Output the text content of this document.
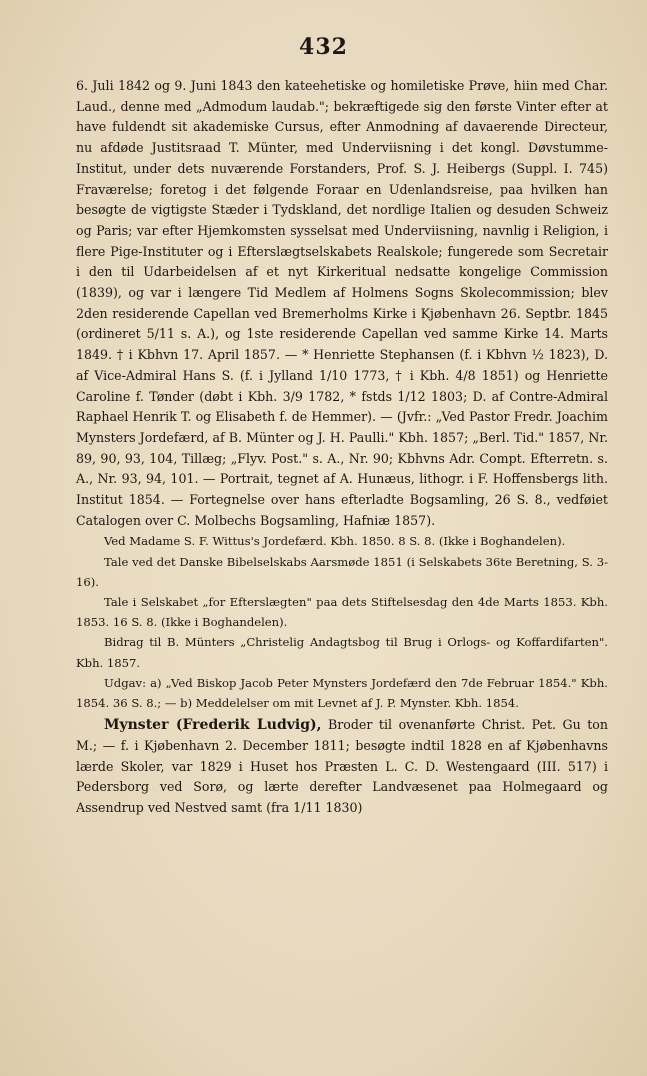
432

6. Juli 1842 og 9. Juni 1843 den kateehetiske og homiletiske Prøve, hiin med Char. Laud., denne med „Admodum laudab."; bekræftigede sig den første Vinter efter at have fuldendt sit akademiske Cursus, efter Anmodning af davaerende Directeur, nu afdøde Justitsraad T. Münter, med Underviisning i det kongl. Døvstumme-Institut, under dets nuværende Forstanders, Prof. S. J. Heibergs (Suppl. I. 745) Fraværelse; foretog i det følgende Foraar en Udenlandsreise, paa hvilken han besøgte de vigtigste Stæder i Tydskland, det nordlige Italien og desuden Schweiz og Paris; var efter Hjemkomsten sysselsat med Underviisning, navnlig i Religion, i flere Pige-Instituter og i Efterslægtselskabets Realskole; fungerede som Secretair i den til Udarbeidelsen af et nyt Kirkeritual nedsatte kongelige Commission (1839), og var i længere Tid Medlem af Holmens Sogns Skolecommission; blev 2den residerende Capellan ved Bremerholms Kirke i Kjøbenhavn 26. Septbr. 1845 (ordineret 5/11 s. A.), og 1ste residerende Capellan ved samme Kirke 14. Marts 1849. † i Kbhvn 17. April 1857. — * Henriette Stephansen (f. i Kbhvn ½ 1823), D. af Vice-Admiral Hans S. (f. i Jylland 1/10 1773, † i Kbh. 4/8 1851) og Henriette Caroline f. Tønder (døbt i Kbh. 3/9 1782, * fstds 1/12 1803; D. af Contre-Admiral Raphael Henrik T. og Elisabeth f. de Hemmer). — (Jvfr.: „Ved Pastor Fredr. Joachim Mynsters Jordefærd, af B. Münter og J. H. Paulli." Kbh. 1857; „Berl. Tid." 1857, Nr. 89, 90, 93, 104, Tillæg; „Flyv. Post." s. A., Nr. 90; Kbhvns Adr. Compt. Efterretn. s. A., Nr. 93, 94, 101. — Portrait, tegnet af A. Hunæus, lithogr. i F. Hoffensbergs lith. Institut 1854. — Fortegnelse over hans efterladte Bogsamling, 26 S. 8., vedføiet Catalogen over C. Molbechs Bogsamling, Hafniæ 1857).

Ved Madame S. F. Wittus's Jordefærd. Kbh. 1850. 8 S. 8. (Ikke i Boghandelen).

Tale ved det Danske Bibelselskabs Aarsmøde 1851 (i Selskabets 36te Beretning, S. 3-16).

Tale i Selskabet „for Efterslægten" paa dets Stiftelsesdag den 4de Marts 1853. Kbh. 1853. 16 S. 8. (Ikke i Boghandelen).

Bidrag til B. Münters „Christelig Andagtsbog til Brug i Orlogs- og Koffardifarten". Kbh. 1857.

Udgav: a) „Ved Biskop Jacob Peter Mynsters Jordefærd den 7de Februar 1854." Kbh. 1854. 36 S. 8.; — b) Meddelelser om mit Levnet af J. P. Mynster. Kbh. 1854.

Mynster (Frederik Ludvig), Broder til ovenanførte Christ. Pet. Gu ton M.; — f. i Kjøbenhavn 2. December 1811; besøgte indtil 1828 en af Kjøbenhavns lærde Skoler, var 1829 i Huset hos Præsten L. C. D. Westengaard (III. 517) i Pedersborg ved Sorø, og lærte derefter Landvæsenet paa Holmegaard og Assendrup ved Nestved samt (fra 1/11 1830)
